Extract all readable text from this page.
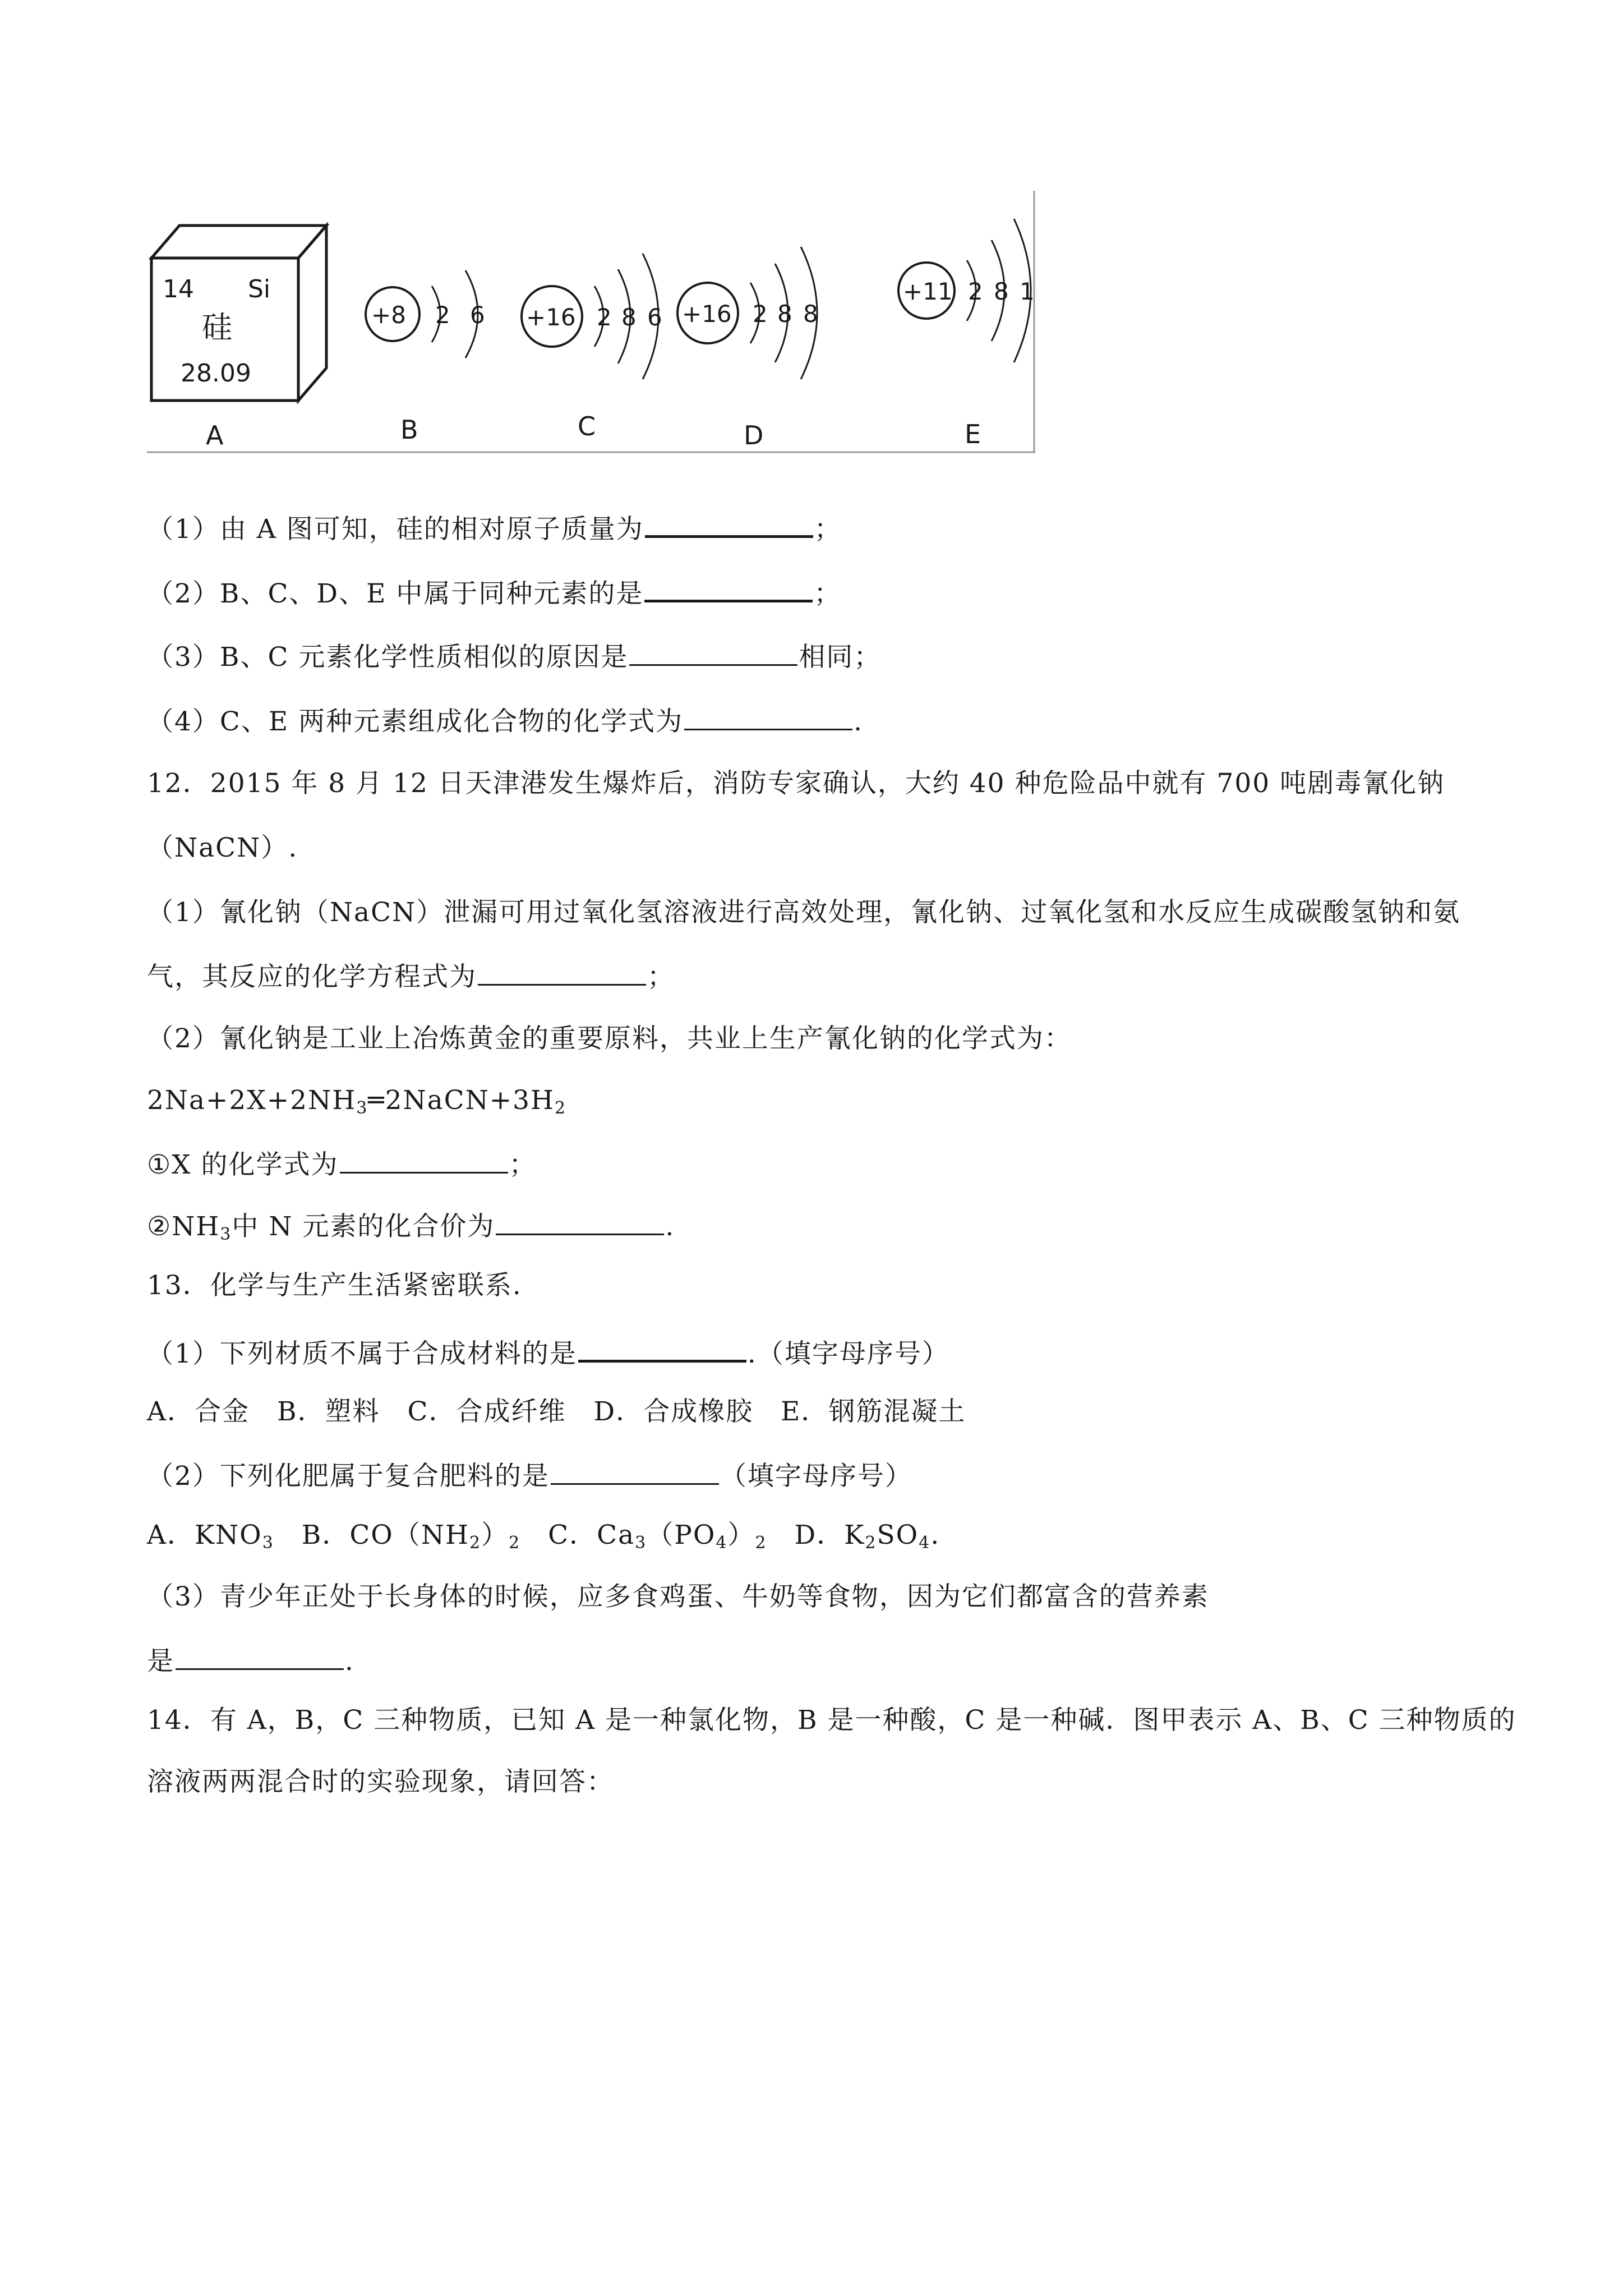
14 Si
硅
28.09
A
+8 2 6
B
+16 2 8 6
C
+16 2 8 8
D
+11 2 8 1
E
（1）由 A 图可知，硅的相对原子质量为	；
（2）B、C、D、E 中属于同种元素的是	；
（3）B、C 元素化学性质相似的原因是	相同；
（4）C、E 两种元素组成化合物的化学式为	.
12．2015 年 8 月 12 日天津港发生爆炸后，消防专家确认，大约 40 种危险品中就有 700 吨剧毒氰化钠
（NaCN）.
（1）氰化钠（NaCN）泄漏可用过氧化氢溶液进行高效处理，氰化钠、过氧化氢和水反应生成碳酸氢钠和氨
气，其反应的化学方程式为	；
（2）氰化钠是工业上冶炼黄金的重要原料，共业上生产氰化钠的化学式为：
$2Na+2X+2NH_3═2NaCN+3H_2$
①X 的化学式为	；
$②NH_3$中 N 元素的化合价为	.
13．化学与生产生活紧密联系.
（1）下列材质不属于合成材料的是	.（填字母序号）
A．合金　B．塑料　C．合成纤维　D．合成橡胶　E．钢筋混凝土
（2）下列化肥属于复合肥料的是	（填字母序号）
A．$KNO_3$　B．$CO(NH_2)_2$　C．$Ca_3(PO_4)_2$　D．$K_2SO_4$.
（3）青少年正处于长身体的时候，应多食鸡蛋、牛奶等食物，因为它们都富含的营养素
是	.
14．有 A，B，C 三种物质，已知 A 是一种氯化物，B 是一种酸，C 是一种碱．图甲表示 A、B、C 三种物质的
溶液两两混合时的实验现象，请回答：
